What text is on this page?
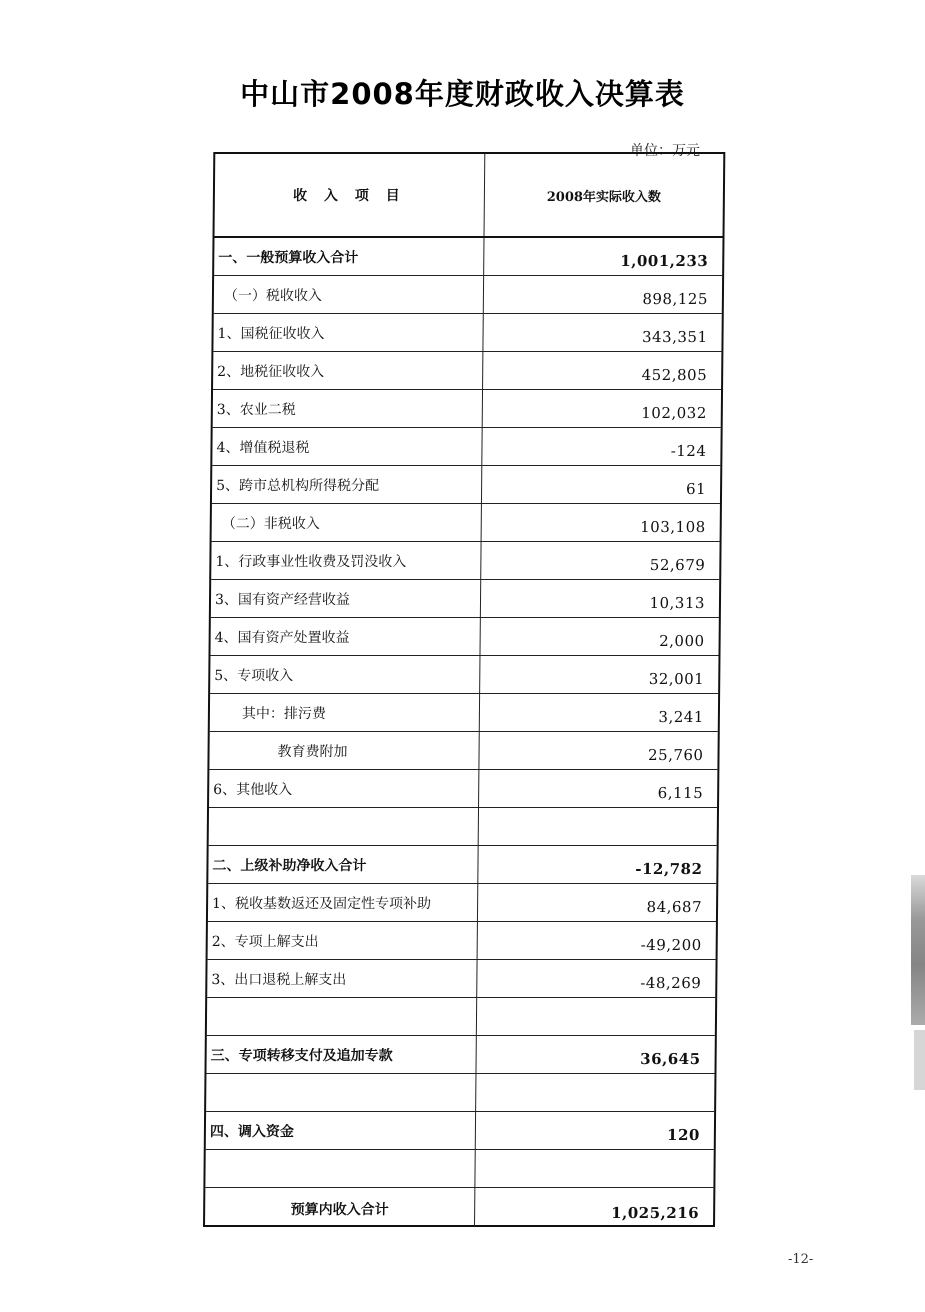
中山市2008年度财政收入决算表
单位：万元
收 入 项 目	2008年实际收入数
一、一般预算收入合计	1,001,233
（一）税收收入	898,125
1、国税征收收入	343,351
2、地税征收收入	452,805
3、农业二税	102,032
4、增值税退税	-124
5、跨市总机构所得税分配	61
（二）非税收入	103,108
1、行政事业性收费及罚没收入	52,679
3、国有资产经营收益	10,313
4、国有资产处置收益	2,000
5、专项收入	32,001
其中：排污费	3,241
教育费附加	25,760
6、其他收入	6,115
二、上级补助净收入合计	-12,782
1、税收基数返还及固定性专项补助	84,687
2、专项上解支出	-49,200
3、出口退税上解支出	-48,269
三、专项转移支付及追加专款	36,645
四、调入资金	120
预算内收入合计	1,025,216
-12-
